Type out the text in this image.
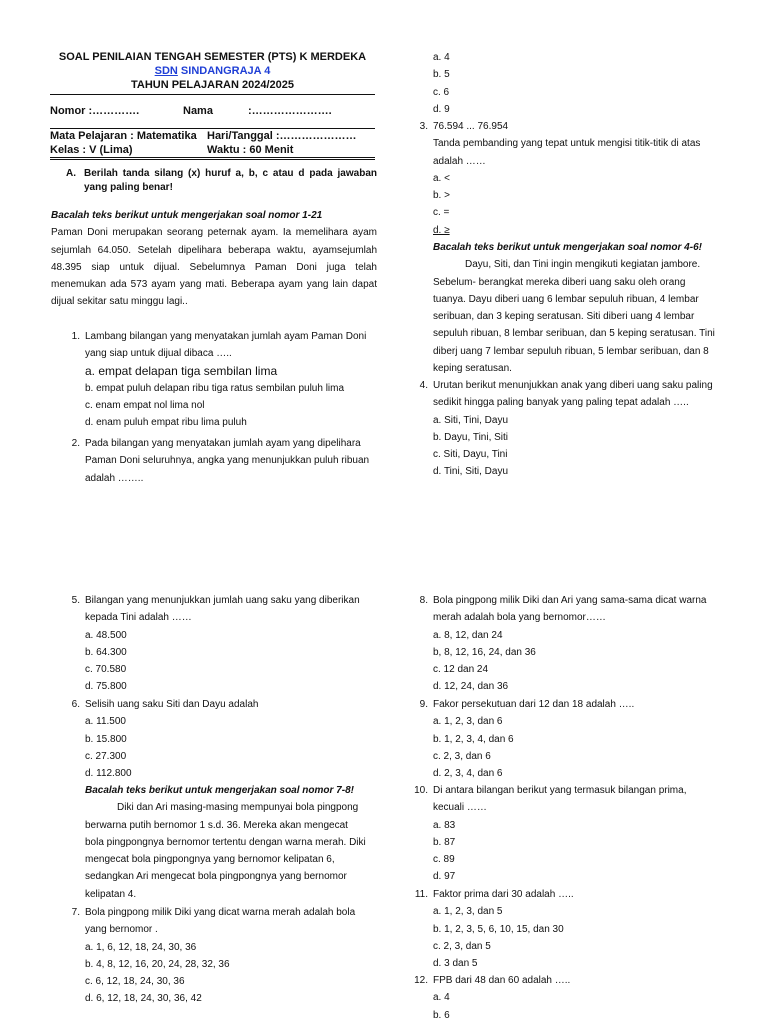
SOAL PENILAIAN TENGAH SEMESTER (PTS) K MERDEKA
SDN SINDANGRAJA 4
TAHUN PELAJARAN 2024/2025
Nomor :………….	Nama	:………………….
Mata Pelajaran : Matematika Hari/Tanggal :…………………
Kelas : V (Lima)	Waktu : 60 Menit
A. Berilah tanda silang (x) huruf a, b, c atau d pada jawaban yang paling benar!
Bacalah teks berikut untuk mengerjakan soal nomor 1-21
Paman Doni merupakan seorang peternak ayam. Ia memelihara ayam sejumlah 64.050. Setelah dipelihara beberapa waktu, ayamsejumlah 48.395 siap untuk dijual. Sebelumnya Paman Doni juga telah menemukan ada 573 ayam yang mati. Beberapa ayam yang lain dapat dijual sekitar satu minggu lagi..
1. Lambang bilangan yang menyatakan jumlah ayam Paman Doni yang siap untuk dijual dibaca …..
a. empat delapan tiga sembilan lima
b. empat puluh delapan ribu tiga ratus sembilan puluh lima
c. enam empat nol lima nol
d. enam puluh empat ribu lima puluh
2. Pada bilangan yang menyatakan jumlah ayam yang dipelihara Paman Doni seluruhnya, angka yang menunjukkan puluh ribuan adalah ……..
a. 4
b. 5
c. 6
d. 9
3. 76.594 ... 76.954
Tanda pembanding yang tepat untuk mengisi titik-titik di atas adalah ……
a. <
b. >
c. =
d. ≥
Bacalah teks berikut untuk mengerjakan soal nomor 4-6!
Dayu, Siti, dan Tini ingin mengikuti kegiatan jambore. Sebelum- berangkat mereka diberi uang saku oleh orang tuanya. Dayu diberi uang 6 lembar sepuluh ribuan, 4 lembar seribuan, dan 3 keping seratusan. Siti diberi uang 4 lembar sepuluh ribuan, 8 lembar seribuan, dan 5 keping seratusan. Tini diberj uang 7 lembar sepuluh ribuan, 5 lembar seribuan, dan 8 keping seratusan.
4. Urutan berikut menunjukkan anak yang diberi uang saku paling sedikit hingga paling banyak yang paling tepat adalah …..
a. Siti, Tini, Dayu
b. Dayu, Tini, Siti
c. Siti, Dayu, Tini
d. Tini, Siti, Dayu
5. Bilangan yang menunjukkan jumlah uang saku yang diberikan kepada Tini adalah ……
a. 48.500
b. 64.300
c. 70.580
d. 75.800
6. Selisih uang saku Siti dan Dayu adalah
a. 11.500
b. 15.800
c. 27.300
d. 112.800
Bacalah teks berikut untuk mengerjakan soal nomor 7-8!
Diki dan Ari masing-masing mempunyai bola pingpong berwarna putih bernomor 1 s.d. 36. Mereka akan mengecat bola pingpongnya bernomor tertentu dengan warna merah. Diki mengecat bola pingpongnya yang bernomor kelipatan 6, sedangkan Ari mengecat bola pingpongnya yang bernomor kelipatan 4.
7. Bola pingpong milik Diki yang dicat warna merah adalah bola yang bernomor .
a. 1, 6, 12, 18, 24, 30, 36
b. 4, 8, 12, 16, 20, 24, 28, 32, 36
c. 6, 12, 18, 24, 30, 36
d. 6, 12, 18, 24, 30, 36, 42
8. Bola pingpong milik Diki dan Ari yang sama-sama dicat warna merah adalah bola yang bernomor……
a. 8, 12, dan 24
b, 8, 12, 16, 24, dan 36
c. 12 dan 24
d. 12, 24, dan 36
9. Fakor persekutuan dari 12 dan 18 adalah …..
a. 1, 2, 3, dan 6
b. 1, 2, 3, 4, dan 6
c. 2, 3, dan 6
d. 2, 3, 4, dan 6
10. Di antara bilangan berikut yang termasuk bilangan prima, kecuali ……
a. 83
b. 87
c. 89
d. 97
11. Faktor prima dari 30 adalah …..
a. 1, 2, 3, dan 5
b. 1, 2, 3, 5, 6, 10, 15, dan 30
c. 2, 3, dan 5
d. 3 dan 5
12. FPB dari 48 dan 60 adalah …..
a. 4
b. 6
